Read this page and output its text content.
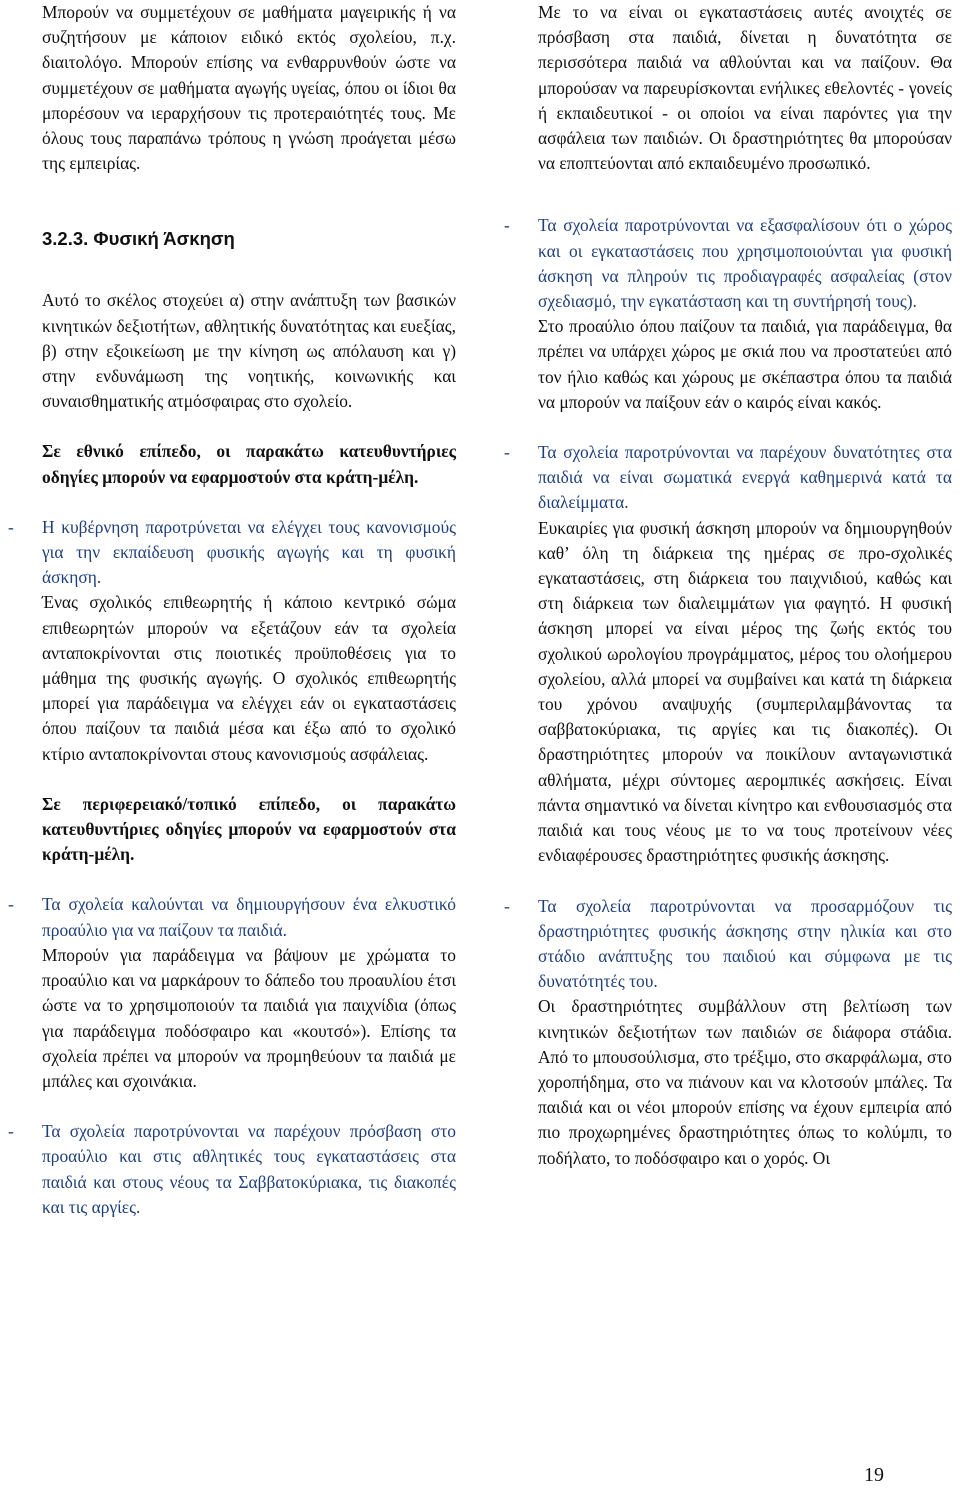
Μπορούν να συμμετέχουν σε μαθήματα μαγειρικής ή να συζητήσουν με κάποιον ειδικό εκτός σχολείου, π.χ. διαιτολόγο. Μπορούν επίσης να ενθαρρυνθούν ώστε να συμμετέχουν σε μαθήματα αγωγής υγείας, όπου οι ίδιοι θα μπορέσουν να ιεραρχήσουν τις προτεραιότητές τους. Με όλους τους παραπάνω τρόπους η γνώση προάγεται μέσω της εμπειρίας.

3.2.3. Φυσική Άσκηση

Αυτό το σκέλος στοχεύει α) στην ανάπτυξη των βασικών κινητικών δεξιοτήτων, αθλητικής δυνατότητας και ευεξίας, β) στην εξοικείωση με την κίνηση ως απόλαυση και γ) στην ενδυνάμωση της νοητικής, κοινωνικής και συναισθηματικής ατμόσφαιρας στο σχολείο.

Σε εθνικό επίπεδο, οι παρακάτω κατευθυντήριες οδηγίες μπορούν να εφαρμοστούν στα κράτη-μέλη.

- Η κυβέρνηση παροτρύνεται να ελέγχει τους κανονισμούς για την εκπαίδευση φυσικής αγωγής και τη φυσική άσκηση.

Ένας σχολικός επιθεωρητής ή κάποιο κεντρικό σώμα επιθεωρητών μπορούν να εξετάζουν εάν τα σχολεία ανταποκρίνονται στις ποιοτικές προϋποθέσεις για το μάθημα της φυσικής αγωγής. Ο σχολικός επιθεωρητής μπορεί για παράδειγμα να ελέγχει εάν οι εγκαταστάσεις όπου παίζουν τα παιδιά μέσα και έξω από το σχολικό κτίριο ανταποκρίνονται στους κανονισμούς ασφάλειας.

Σε περιφερειακό/τοπικό επίπεδο, οι παρακάτω κατευθυντήριες οδηγίες μπορούν να εφαρμοστούν στα κράτη-μέλη.

- Τα σχολεία καλούνται να δημιουργήσουν ένα ελκυστικό προαύλιο για να παίζουν τα παιδιά.

Μπορούν για παράδειγμα να βάψουν με χρώματα το προαύλιο και να μαρκάρουν το δάπεδο του προαυλίου έτσι ώστε να το χρησιμοποιούν τα παιδιά για παιχνίδια (όπως για παράδειγμα ποδόσφαιρο και «κουτσό»). Επίσης τα σχολεία πρέπει να μπορούν να προμηθεύουν τα παιδιά με μπάλες και σχοινάκια.

- Τα σχολεία παροτρύνονται να παρέχουν πρόσβαση στο προαύλιο και στις αθλητικές τους εγκαταστάσεις στα παιδιά και στους νέους τα Σαββατοκύριακα, τις διακοπές και τις αργίες.

Με το να είναι οι εγκαταστάσεις αυτές ανοιχτές σε πρόσβαση στα παιδιά, δίνεται η δυνατότητα σε περισσότερα παιδιά να αθλούνται και να παίζουν. Θα μπορούσαν να παρευρίσκονται ενήλικες εθελοντές - γονείς ή εκπαιδευτικοί - οι οποίοι να είναι παρόντες για την ασφάλεια των παιδιών. Οι δραστηριότητες θα μπορούσαν να εποπτεύονται από εκπαιδευμένο προσωπικό.

- Τα σχολεία παροτρύνονται να εξασφαλίσουν ότι ο χώρος και οι εγκαταστάσεις που χρησιμοποιούνται για φυσική άσκηση να πληρούν τις προδιαγραφές ασφαλείας (στον σχεδιασμό, την εγκατάσταση και τη συντήρησή τους).

Στο προαύλιο όπου παίζουν τα παιδιά, για παράδειγμα, θα πρέπει να υπάρχει χώρος με σκιά που να προστατεύει από τον ήλιο καθώς και χώρους με σκέπαστρα όπου τα παιδιά να μπορούν να παίξουν εάν ο καιρός είναι κακός.

- Τα σχολεία παροτρύνονται να παρέχουν δυνατότητες στα παιδιά να είναι σωματικά ενεργά καθημερινά κατά τα διαλείμματα.

Ευκαιρίες για φυσική άσκηση μπορούν να δημιουργηθούν καθ’ όλη τη διάρκεια της ημέρας σε προ-σχολικές εγκαταστάσεις, στη διάρκεια του παιχνιδιού, καθώς και στη διάρκεια των διαλειμμάτων για φαγητό. Η φυσική άσκηση μπορεί να είναι μέρος της ζωής εκτός του σχολικού ωρολογίου προγράμματος, μέρος του ολοήμερου σχολείου, αλλά μπορεί να συμβαίνει και κατά τη διάρκεια του χρόνου αναψυχής (συμπεριλαμβάνοντας τα σαββατοκύριακα, τις αργίες και τις διακοπές). Οι δραστηριότητες μπορούν να ποικίλουν ανταγωνιστικά αθλήματα, μέχρι σύντομες αερομπικές ασκήσεις. Είναι πάντα σημαντικό να δίνεται κίνητρο και ενθουσιασμός στα παιδιά και τους νέους με το να τους προτείνουν νέες ενδιαφέρουσες δραστηριότητες φυσικής άσκησης.

- Τα σχολεία παροτρύνονται να προσαρμόζουν τις δραστηριότητες φυσικής άσκησης στην ηλικία και στο στάδιο ανάπτυξης του παιδιού και σύμφωνα με τις δυνατότητές του.

Οι δραστηριότητες συμβάλλουν στη βελτίωση των κινητικών δεξιοτήτων των παιδιών σε διάφορα στάδια. Από το μπουσούλισμα, στο τρέξιμο, στο σκαρφάλωμα, στο χοροπήδημα, στο να πιάνουν και να κλοτσούν μπάλες. Τα παιδιά και οι νέοι μπορούν επίσης να έχουν εμπειρία από πιο προχωρημένες δραστηριότητες όπως το κολύμπι, το ποδήλατο, το ποδόσφαιρο και ο χορός. Οι

19
